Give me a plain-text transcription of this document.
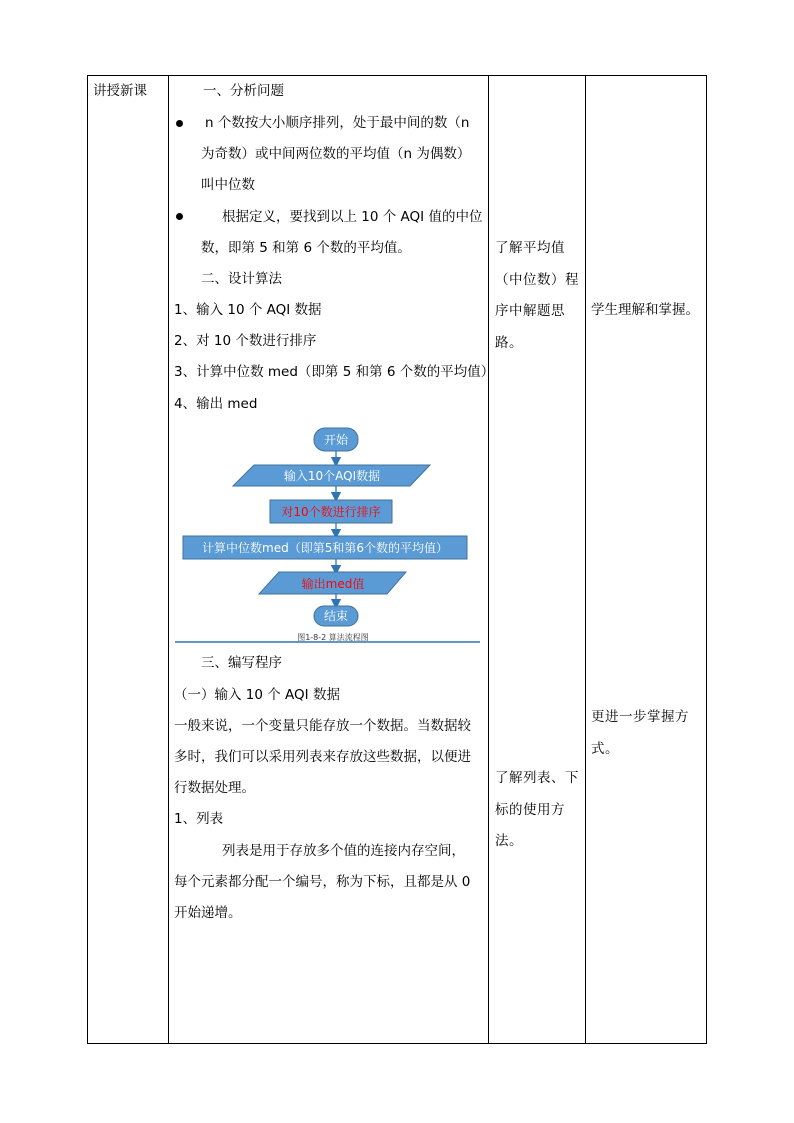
讲授新课	一、分析问题
n 个数按大小顺序排列，处于最中间的数（n
为奇数）或中间两位数的平均值（n 为偶数）
叫中位数
根据定义，要找到以上 10 个 AQI 值的中位
数，即第 5 和第 6 个数的平均值。
二、设计算法
1、输入 10 个 AQI 数据
2、对 10 个数进行排序
3、计算中位数 med（即第 5 和第 6 个数的平均值）
4、输出 med
开始
输入10个AQI数据
对10个数进行排序
计算中位数med（即第5和第6个数的平均值）
输出med值
结束
图1-8-2 算法流程图
三、编写程序
（一）输入 10 个 AQI 数据
一般来说，一个变量只能存放一个数据。当数据较
多时，我们可以采用列表来存放这些数据，以便进
行数据处理。
1、列表
列表是用于存放多个值的连接内存空间，
每个元素都分配一个编号，称为下标，且都是从 0
开始递增。
了解平均值
（中位数）程
序中解题思
路。
了解列表、下
标的使用方
法。
学生理解和掌握。
更进一步掌握方
式。
